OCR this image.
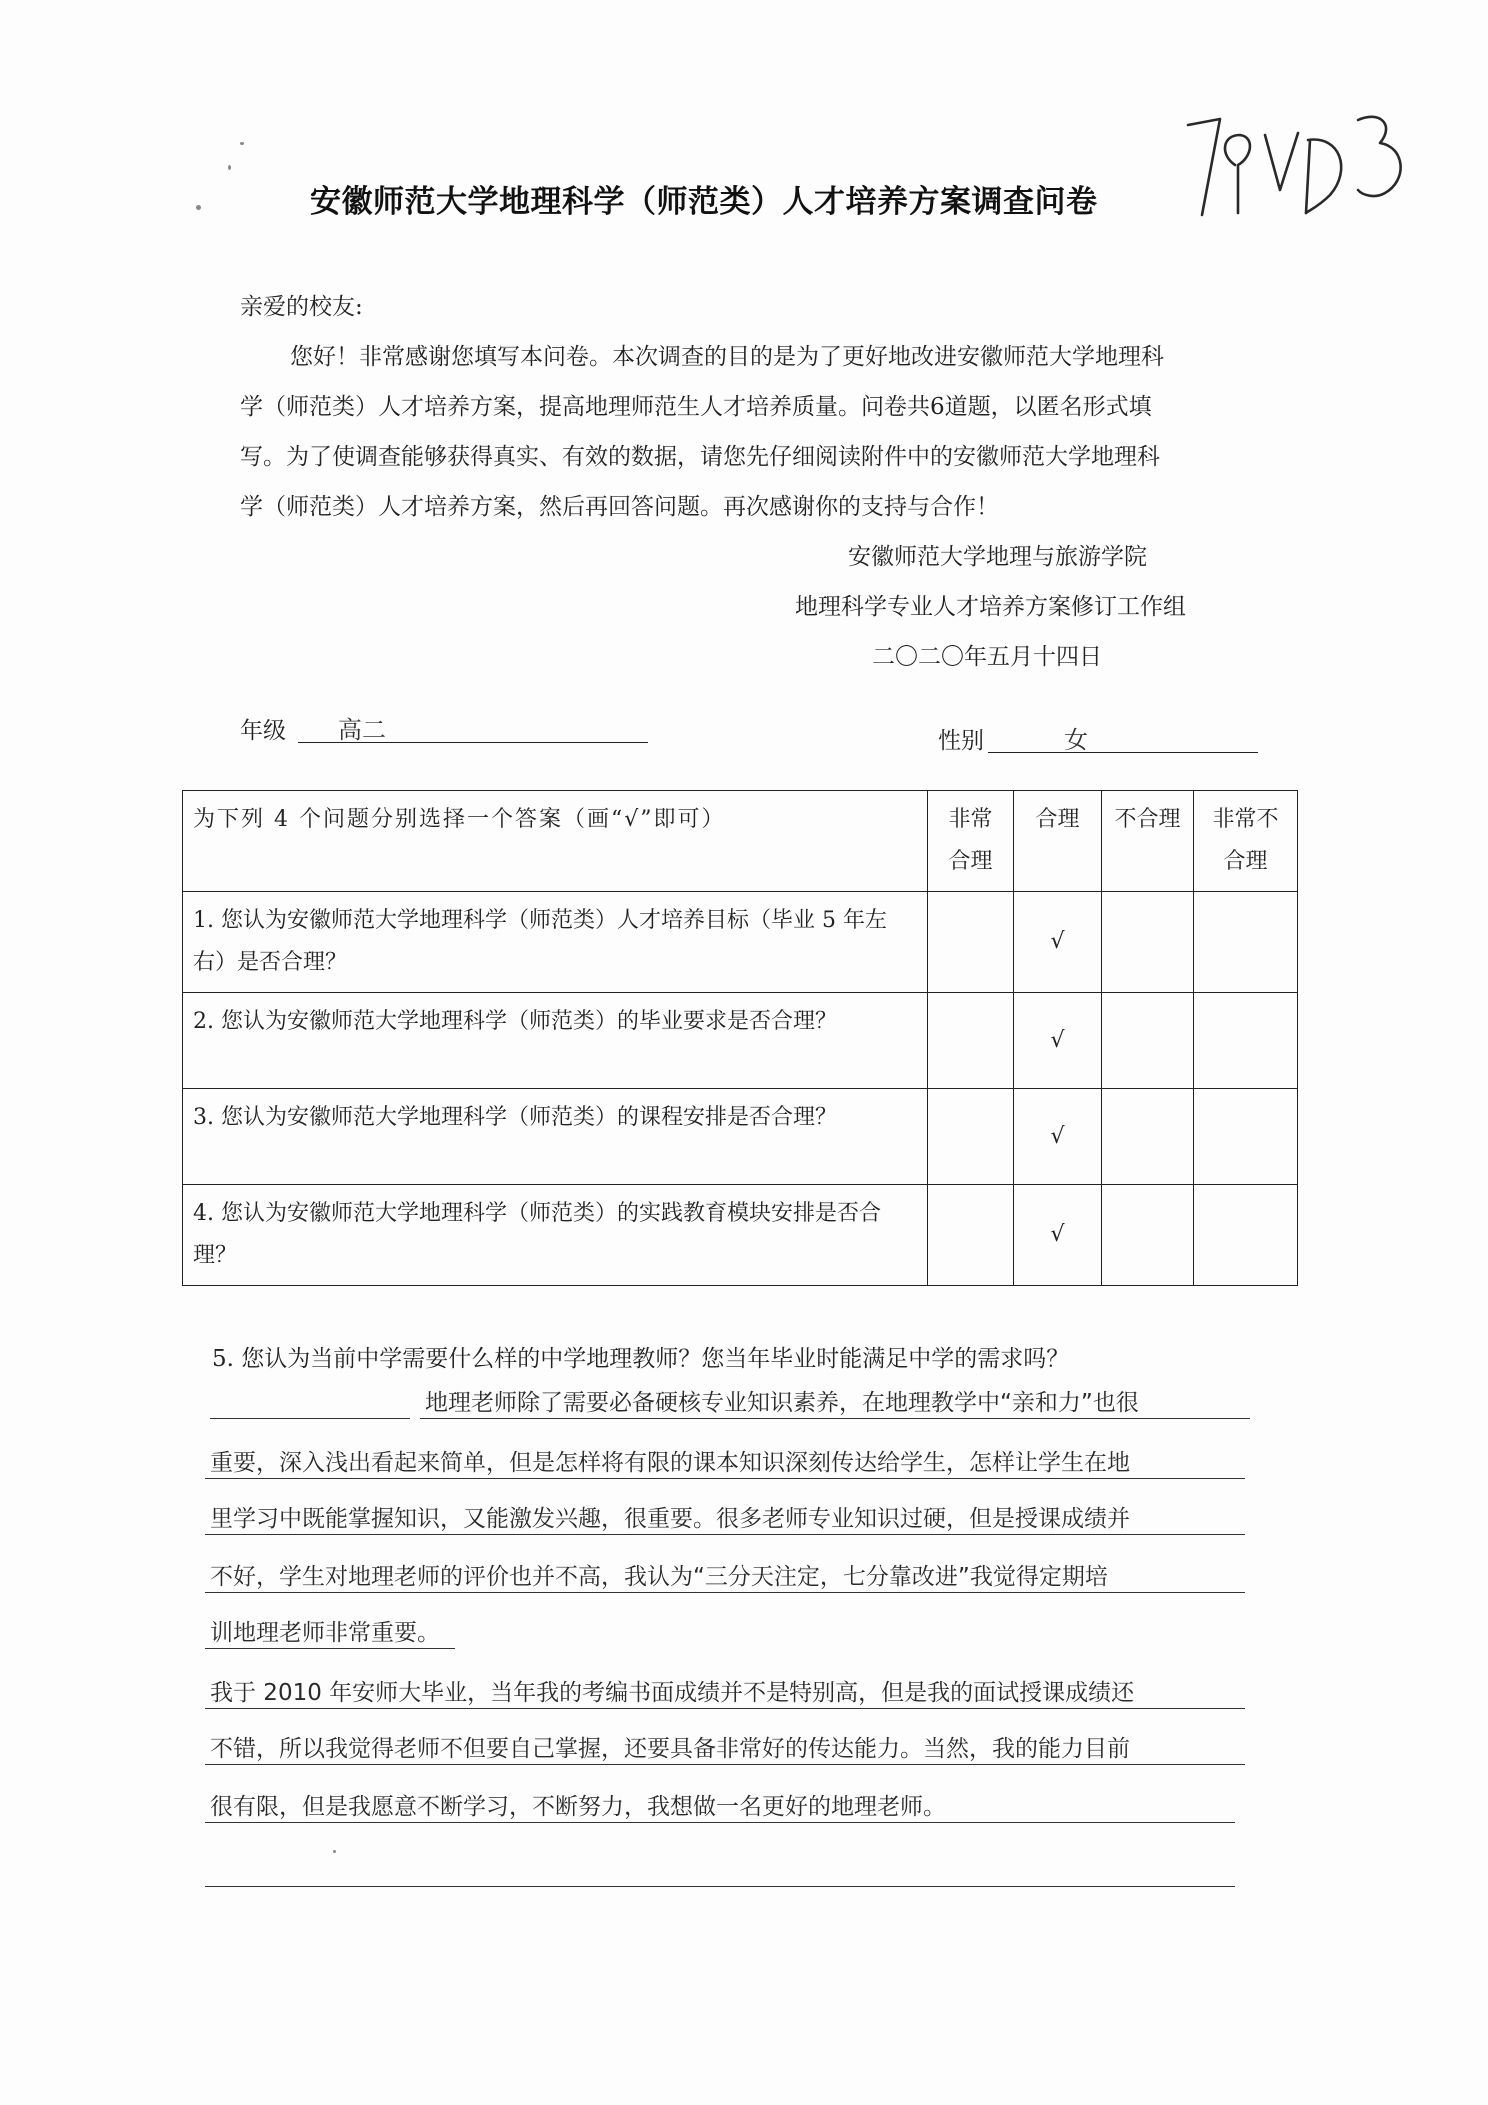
安徽师范大学地理科学（师范类）人才培养方案调查问卷
亲爱的校友:
您好！非常感谢您填写本问卷。本次调查的目的是为了更好地改进安徽师范大学地理科
学（师范类）人才培养方案，提高地理师范生人才培养质量。问卷共6道题，以匿名形式填
写。为了使调查能够获得真实、有效的数据，请您先仔细阅读附件中的安徽师范大学地理科
学（师范类）人才培养方案，然后再回答问题。再次感谢你的支持与合作！
安徽师范大学地理与旅游学院
地理科学专业人才培养方案修订工作组
二〇二〇年五月十四日
年级 高二	性别	女
为下列 4 个问题分别选择一个答案（画“√”即可）	非常合理	合理	不合理	非常不合理
1. 您认为安徽师范大学地理科学（师范类）人才培养目标（毕业 5 年左右）是否合理？		√		
2. 您认为安徽师范大学地理科学（师范类）的毕业要求是否合理？		√		
3. 您认为安徽师范大学地理科学（师范类）的课程安排是否合理？		√		
4. 您认为安徽师范大学地理科学（师范类）的实践教育模块安排是否合理？		√		
5. 您认为当前中学需要什么样的中学地理教师？您当年毕业时能满足中学的需求吗？
地理老师除了需要必备硬核专业知识素养，在地理教学中“亲和力”也很
重要，深入浅出看起来简单，但是怎样将有限的课本知识深刻传达给学生，怎样让学生在地
里学习中既能掌握知识，又能激发兴趣，很重要。很多老师专业知识过硬，但是授课成绩并
不好，学生对地理老师的评价也并不高，我认为“三分天注定，七分靠改进”我觉得定期培
训地理老师非常重要。
我于 2010 年安师大毕业，当年我的考编书面成绩并不是特别高，但是我的面试授课成绩还
不错，所以我觉得老师不但要自己掌握，还要具备非常好的传达能力。当然，我的能力目前
很有限，但是我愿意不断学习，不断努力，我想做一名更好的地理老师。
